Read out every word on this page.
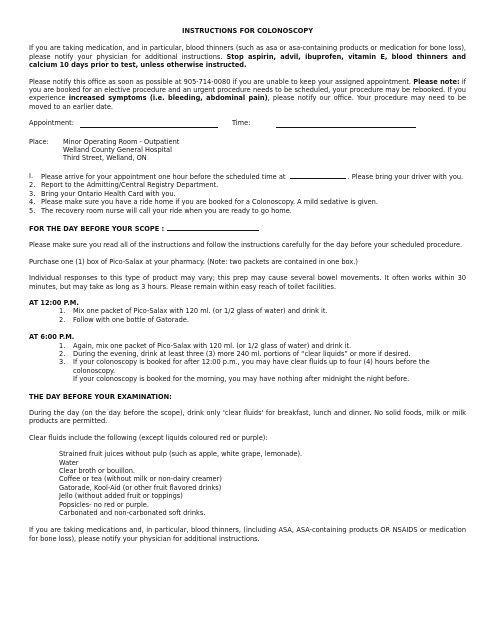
INSTRUCTIONS FOR COLONOSCOPY

If you are taking medication, and in particular, blood thinners (such as asa or asa-containing products or medication for bone loss), please notify your physician for additional instructions. Stop aspirin, advil, ibuprofen, vitamin E, blood thinners and calcium 10 days prior to test, unless otherwise instructed.

Please notify this office as soon as possible at 905-714-0080 if you are unable to keep your assigned appointment. Please note: if you are booked for an elective procedure and an urgent procedure needs to be scheduled, your procedure may be rebooked. If you experience increased symptoms (i.e. bleeding, abdominal pain), please notify our office. Your procedure may need to be moved to an earlier date.

Appointment:	Time:
Place:	Minor Operating Room - Outpatient
Welland County General Hospital
Third Street, Welland, ON
I.	Please arrive for your appointment one hour before the scheduled time at	. Please bring your driver with you.
2. Report to the Admitting/Central Registry Department.
3. Bring your Ontario Health Card with you.
4. Please make sure you have a ride home if you are booked for a Colonoscopy. A mild sedative is given.
5. The recovery room nurse will call your ride when you are ready to go home.
FOR THE DAY BEFORE YOUR SCOPE :

Please make sure you read all of the instructions and follow the instructions carefully for the day before your scheduled procedure.

Purchase one (1) box of Pico-Salax at your pharmacy. (Note: two packets are contained in one box.)

Individual responses to this type of product may vary; this prep may cause several bowel movements. It often works within 30 minutes, but may take as long as 3 hours. Please remain within easy reach of toilet facilities.

AT 12:00 P.M.
1.	Mix one packet of Pico-Salax with 120 ml. (or 1/2 glass of water) and drink it.
2.	Follow with one bottle of Gatorade.
AT 6:00 P.M.
1.	Again, mix one packet of Pico-Salax with 120 ml. (or 1/2 glass of water) and drink it.
2.	During the evening, drink at least three (3) more 240 ml. portions of “clear liquids” or more if desired.
3.	If your colonoscopy is booked for after 12:00 p.m., you may have clear fluids up to four (4) hours before the colonoscopy.
If your colonoscopy is booked for the morning, you may have nothing after midnight the night before.
THE DAY BEFORE YOUR EXAMINATION:

During the day (on the day before the scope), drink only 'clear fluids' for breakfast, lunch and dinner. No solid foods, milk or milk products are permitted.

Clear fluids include the following (except liquids coloured red or purple):

Strained fruit juices without pulp (such as apple, white grape, lemonade).
Water
Clear broth or bouillon.
Coffee or tea (without milk or non-dairy creamer)
Gatorade, Kool-Aid (or other fruit flavored drinks)
Jello (without added fruit or toppings)
Popsicles- no red or purple.
Carbonated and non-carbonated soft drinks.

If you are taking medications and, in particular, blood thinners, (including ASA, ASA-containing products OR NSAIDS or medication for bone loss), please notify your physician for additional instructions.
